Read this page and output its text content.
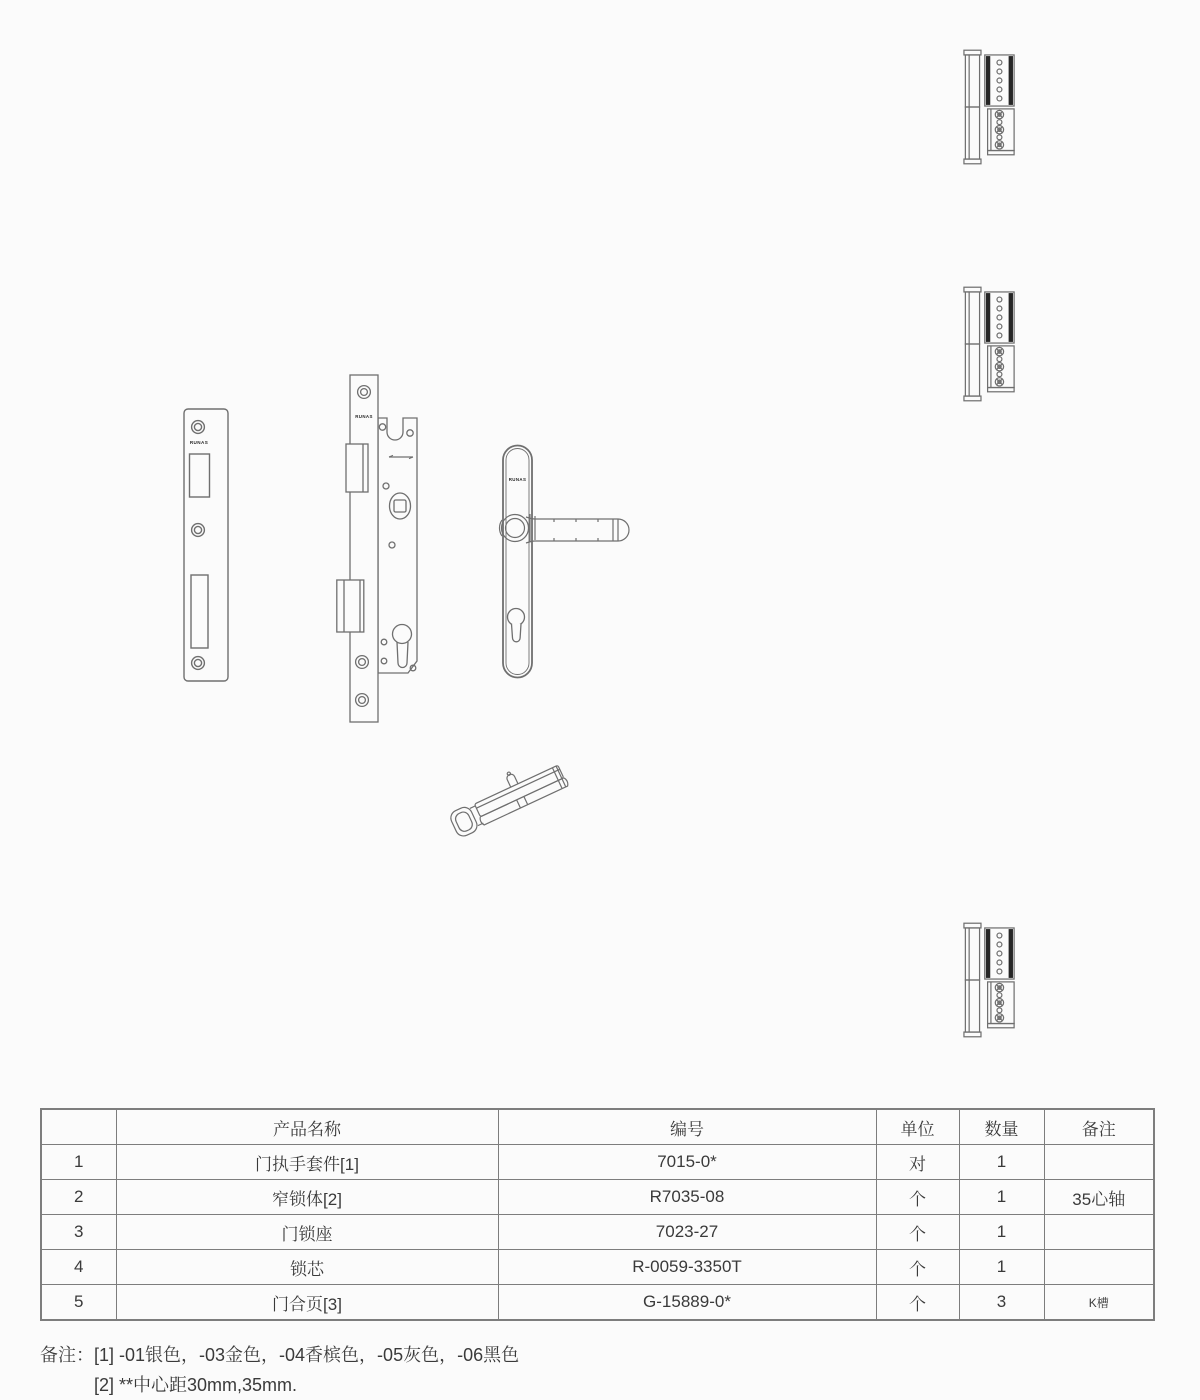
RUNAS
RUNAS
RUNAS
	产品名称	编号	单位	数量	备注
1	门执手套件[1]	7015-0*	对	1	
2	窄锁体[2]	R7035-08	个	1	35心轴
3	门锁座	7023-27	个	1	
4	锁芯	R-0059-3350T	个	1	
5	门合页[3]	G-15889-0*	个	3	K槽
备注： [1] -01银色，-03金色，-04香槟色，-05灰色，-06黑色
[2] **中心距30mm,35mm.
